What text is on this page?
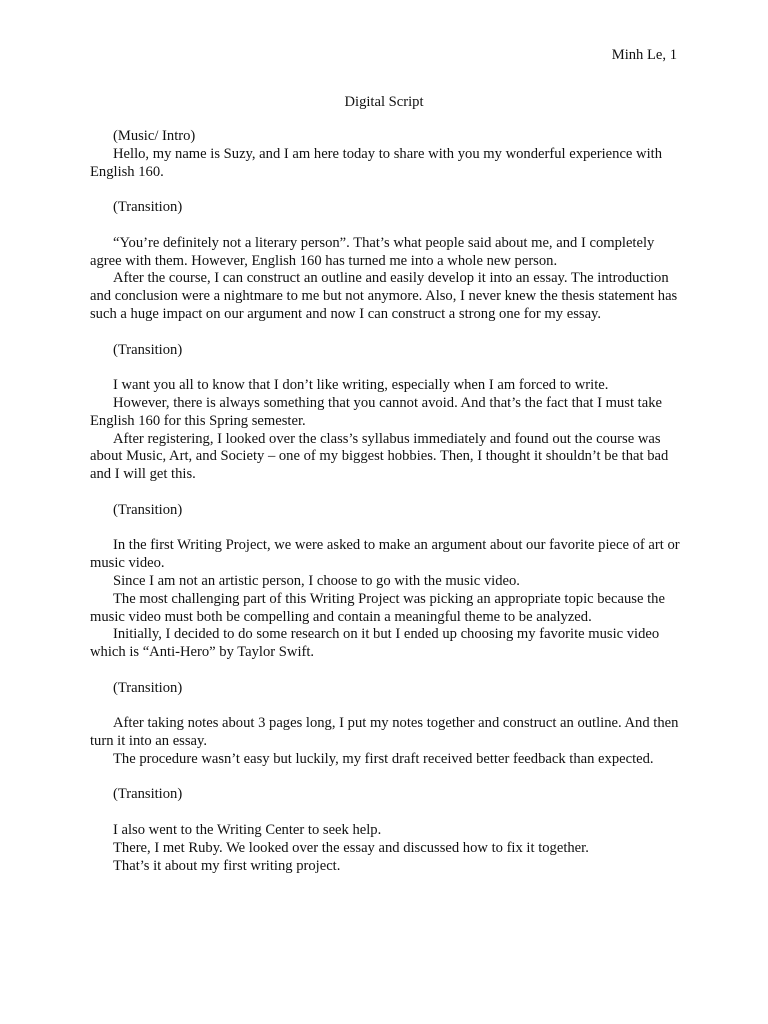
Minh Le, 1
Digital Script

(Music/ Intro)

Hello, my name is Suzy, and I am here today to share with you my wonderful experience with English 160.

(Transition)

“You’re definitely not a literary person”. That’s what people said about me, and I completely agree with them. However, English 160 has turned me into a whole new person.

After the course, I can construct an outline and easily develop it into an essay. The introduction and conclusion were a nightmare to me but not anymore. Also, I never knew the thesis statement has such a huge impact on our argument and now I can construct a strong one for my essay.

(Transition)

I want you all to know that I don’t like writing, especially when I am forced to write.

However, there is always something that you cannot avoid. And that’s the fact that I must take English 160 for this Spring semester.

After registering, I looked over the class’s syllabus immediately and found out the course was about Music, Art, and Society – one of my biggest hobbies. Then, I thought it shouldn’t be that bad and I will get this.

(Transition)

In the first Writing Project, we were asked to make an argument about our favorite piece of art or music video.

Since I am not an artistic person, I choose to go with the music video.

The most challenging part of this Writing Project was picking an appropriate topic because the music video must both be compelling and contain a meaningful theme to be analyzed.

Initially, I decided to do some research on it but I ended up choosing my favorite music video which is “Anti-Hero” by Taylor Swift.

(Transition)

After taking notes about 3 pages long, I put my notes together and construct an outline. And then turn it into an essay.

The procedure wasn’t easy but luckily, my first draft received better feedback than expected.

(Transition)

I also went to the Writing Center to seek help.

There, I met Ruby. We looked over the essay and discussed how to fix it together.

That’s it about my first writing project.
